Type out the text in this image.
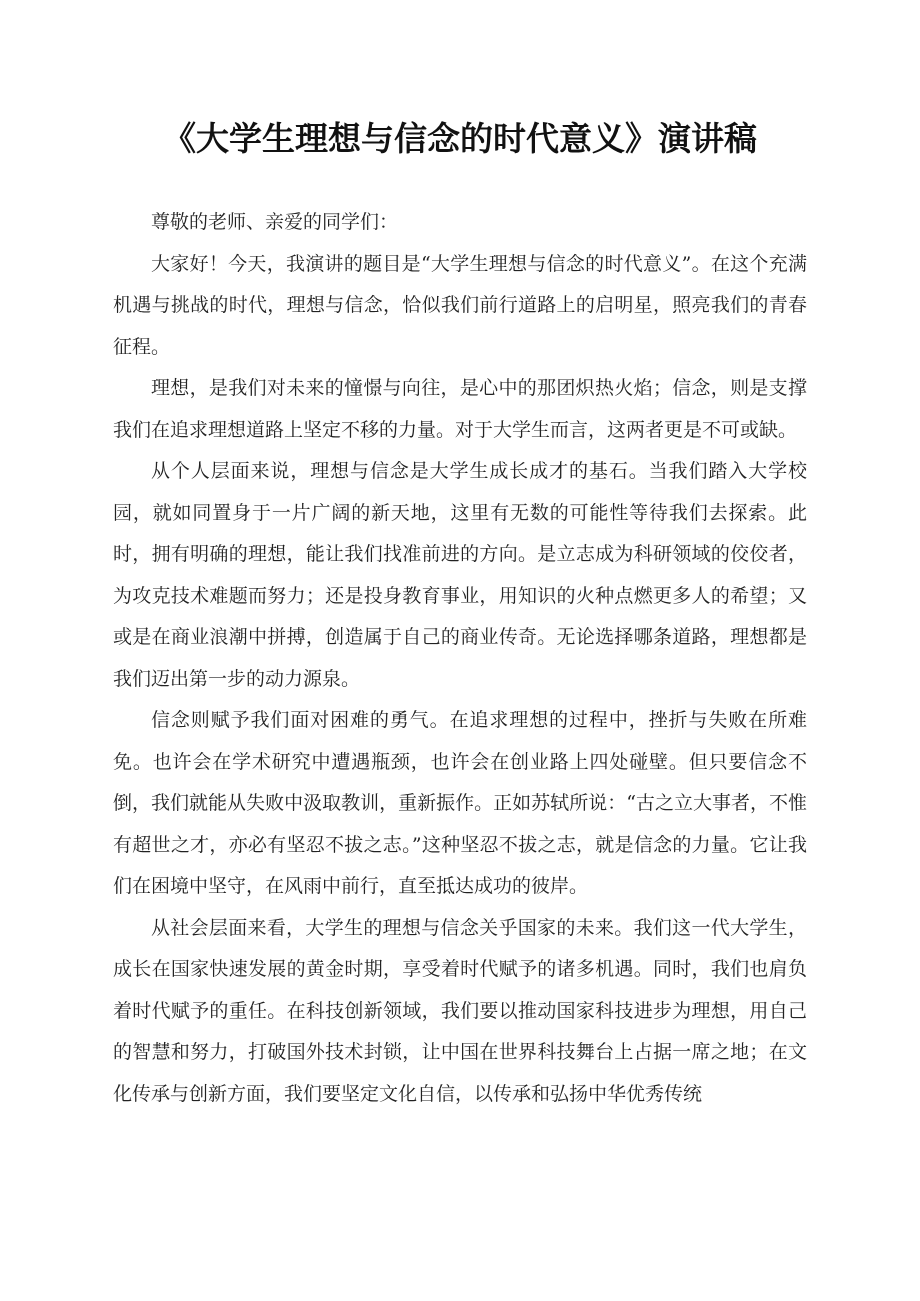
《大学生理想与信念的时代意义》演讲稿

尊敬的老师、亲爱的同学们：

大家好！今天，我演讲的题目是“大学生理想与信念的时代意义”。在这个充满机遇与挑战的时代，理想与信念，恰似我们前行道路上的启明星，照亮我们的青春征程。

理想，是我们对未来的憧憬与向往，是心中的那团炽热火焰；信念，则是支撑我们在追求理想道路上坚定不移的力量。对于大学生而言，这两者更是不可或缺。

从个人层面来说，理想与信念是大学生成长成才的基石。当我们踏入大学校园，就如同置身于一片广阔的新天地，这里有无数的可能性等待我们去探索。此时，拥有明确的理想，能让我们找准前进的方向。是立志成为科研领域的佼佼者，为攻克技术难题而努力；还是投身教育事业，用知识的火种点燃更多人的希望；又或是在商业浪潮中拼搏，创造属于自己的商业传奇。无论选择哪条道路，理想都是我们迈出第一步的动力源泉。

信念则赋予我们面对困难的勇气。在追求理想的过程中，挫折与失败在所难免。也许会在学术研究中遭遇瓶颈，也许会在创业路上四处碰壁。但只要信念不倒，我们就能从失败中汲取教训，重新振作。正如苏轼所说：“古之立大事者，不惟有超世之才，亦必有坚忍不拔之志。”这种坚忍不拔之志，就是信念的力量。它让我们在困境中坚守，在风雨中前行，直至抵达成功的彼岸。

从社会层面来看，大学生的理想与信念关乎国家的未来。我们这一代大学生，成长在国家快速发展的黄金时期，享受着时代赋予的诸多机遇。同时，我们也肩负着时代赋予的重任。在科技创新领域，我们要以推动国家科技进步为理想，用自己的智慧和努力，打破国外技术封锁，让中国在世界科技舞台上占据一席之地；在文化传承与创新方面，我们要坚定文化自信，以传承和弘扬中华优秀传统
